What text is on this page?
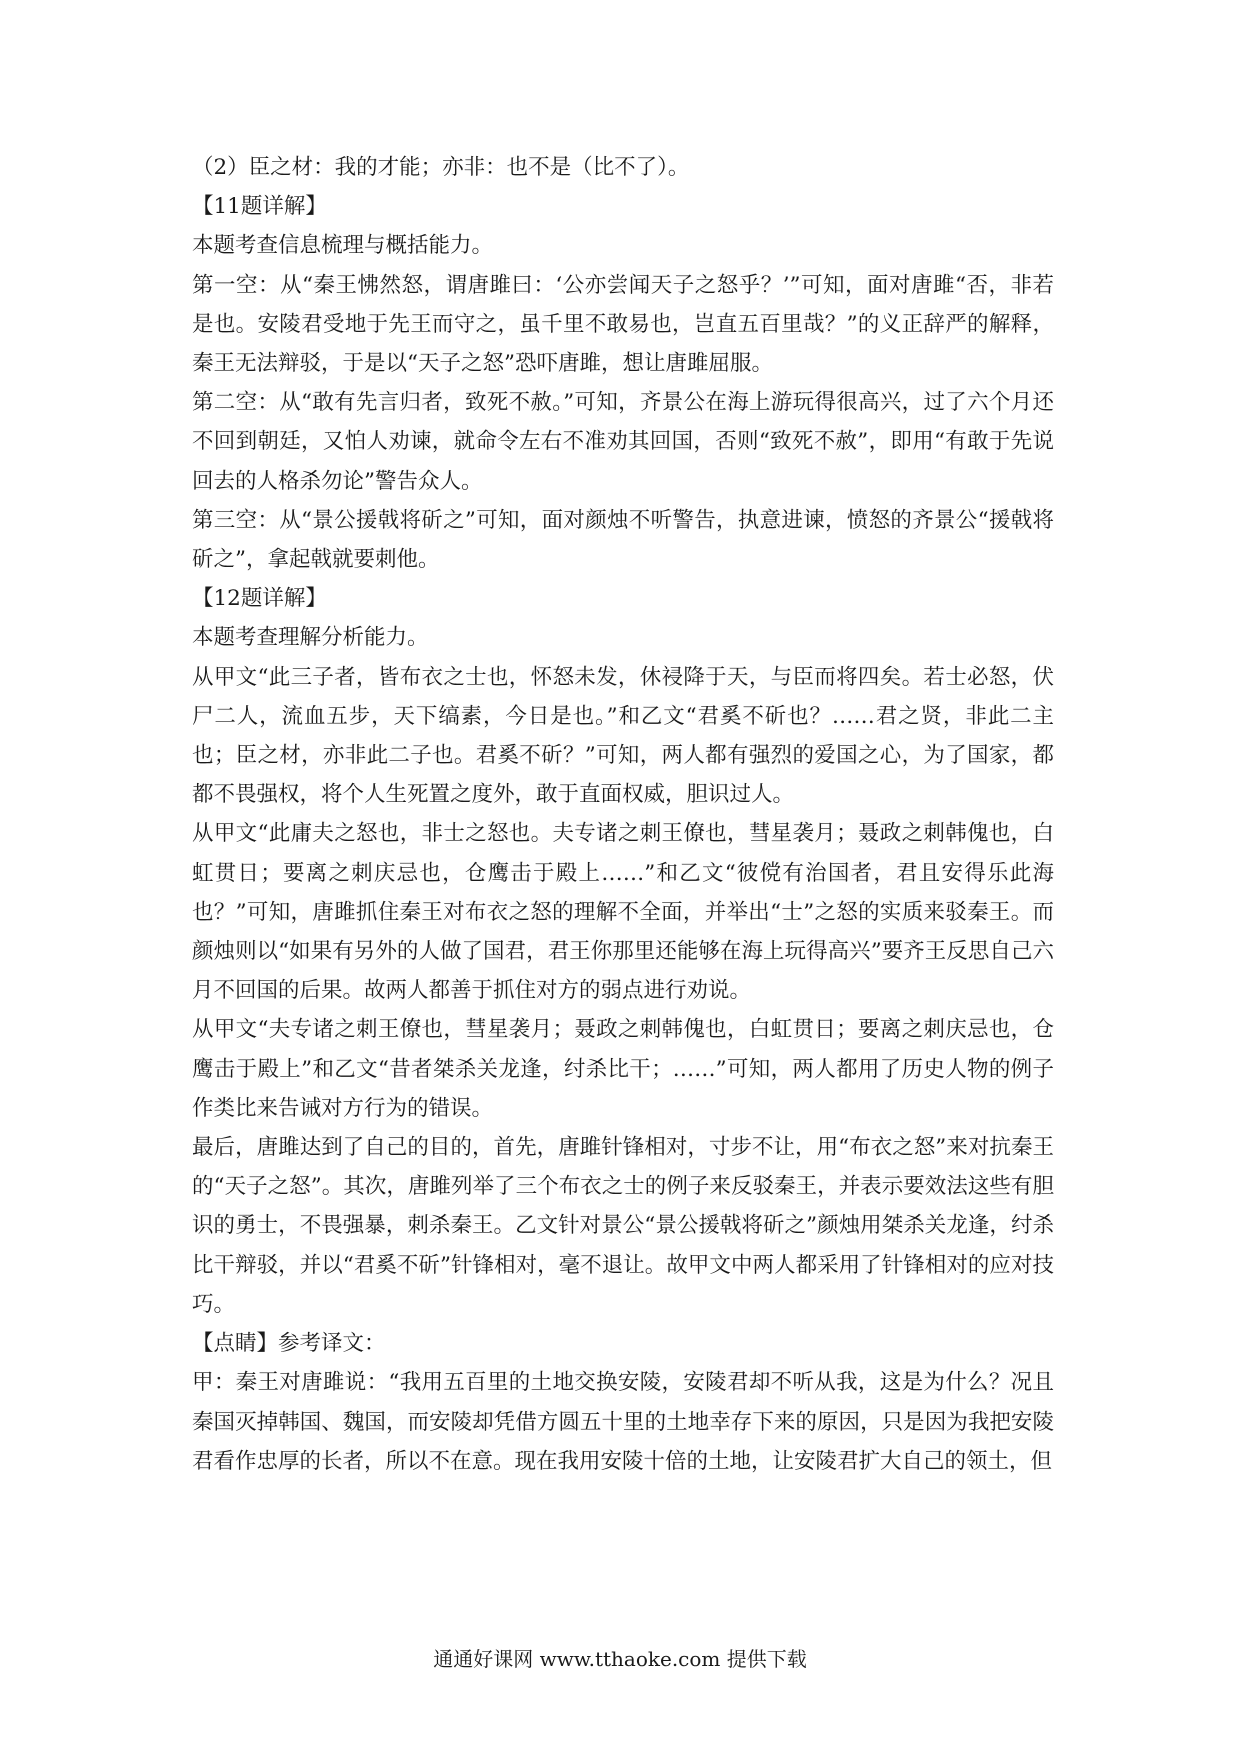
（2）臣之材：我的才能；亦非：也不是（比不了）。

【11题详解】

本题考查信息梳理与概括能力。

第一空：从“秦王怫然怒，谓唐雎曰：‘公亦尝闻天子之怒乎？’”可知，面对唐雎“否，非若是也。安陵君受地于先王而守之，虽千里不敢易也，岂直五百里哉？”的义正辞严的解释，秦王无法辩驳，于是以“天子之怒”恐吓唐雎，想让唐雎屈服。

第二空：从“敢有先言归者，致死不赦。”可知，齐景公在海上游玩得很高兴，过了六个月还不回到朝廷，又怕人劝谏，就命令左右不准劝其回国，否则“致死不赦”，即用“有敢于先说回去的人格杀勿论”警告众人。

第三空：从“景公援戟将斫之”可知，面对颜烛不听警告，执意进谏，愤怒的齐景公“援戟将斫之”，拿起戟就要刺他。

【12题详解】

本题考查理解分析能力。

从甲文“此三子者，皆布衣之士也，怀怒未发，休祲降于天，与臣而将四矣。若士必怒，伏尸二人，流血五步，天下缟素，今日是也。”和乙文“君奚不斫也？……君之贤，非此二主也；臣之材，亦非此二子也。君奚不斫？”可知，两人都有强烈的爱国之心，为了国家，都都不畏强权，将个人生死置之度外，敢于直面权威，胆识过人。

从甲文“此庸夫之怒也，非士之怒也。夫专诸之刺王僚也，彗星袭月；聂政之刺韩傀也，白虹贯日；要离之刺庆忌也，仓鹰击于殿上……”和乙文“彼傥有治国者，君且安得乐此海也？”可知，唐雎抓住秦王对布衣之怒的理解不全面，并举出“士”之怒的实质来驳秦王。而颜烛则以“如果有另外的人做了国君，君王你那里还能够在海上玩得高兴”要齐王反思自己六月不回国的后果。故两人都善于抓住对方的弱点进行劝说。

从甲文“夫专诸之刺王僚也，彗星袭月；聂政之刺韩傀也，白虹贯日；要离之刺庆忌也，仓鹰击于殿上”和乙文“昔者桀杀关龙逢，纣杀比干；……”可知，两人都用了历史人物的例子作类比来告诫对方行为的错误。

最后，唐雎达到了自己的目的，首先，唐雎针锋相对，寸步不让，用“布衣之怒”来对抗秦王的“天子之怒”。其次，唐雎列举了三个布衣之士的例子来反驳秦王，并表示要效法这些有胆识的勇士，不畏强暴，刺杀秦王。乙文针对景公“景公援戟将斫之”颜烛用桀杀关龙逢，纣杀比干辩驳，并以“君奚不斫”针锋相对，毫不退让。故甲文中两人都采用了针锋相对的应对技巧。

【点睛】参考译文：

甲：秦王对唐雎说：“我用五百里的土地交换安陵，安陵君却不听从我，这是为什么？况且秦国灭掉韩国、魏国，而安陵却凭借方圆五十里的土地幸存下来的原因，只是因为我把安陵君看作忠厚的长者，所以不在意。现在我用安陵十倍的土地，让安陵君扩大自己的领土，但

通通好课网 www.tthaoke.com 提供下载
